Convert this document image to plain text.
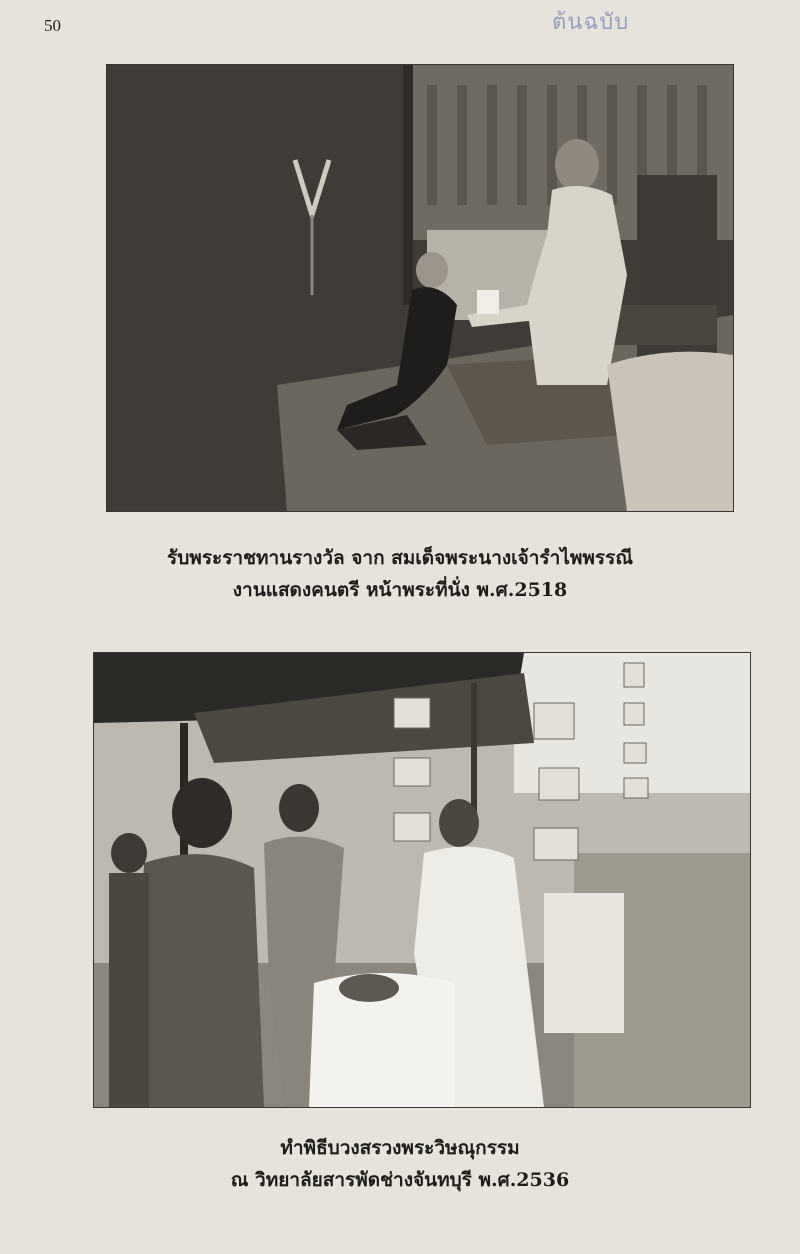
50	ต้นฉบับ
รับพระราชทานรางวัล จาก สมเด็จพระนางเจ้ารำไพพรรณี
งานแสดงคนตรี หน้าพระที่นั่ง พ.ศ.2518
ทำพิธีบวงสรวงพระวิษณุกรรม
ณ วิทยาลัยสารพัดช่างจันทบุรี พ.ศ.2536
